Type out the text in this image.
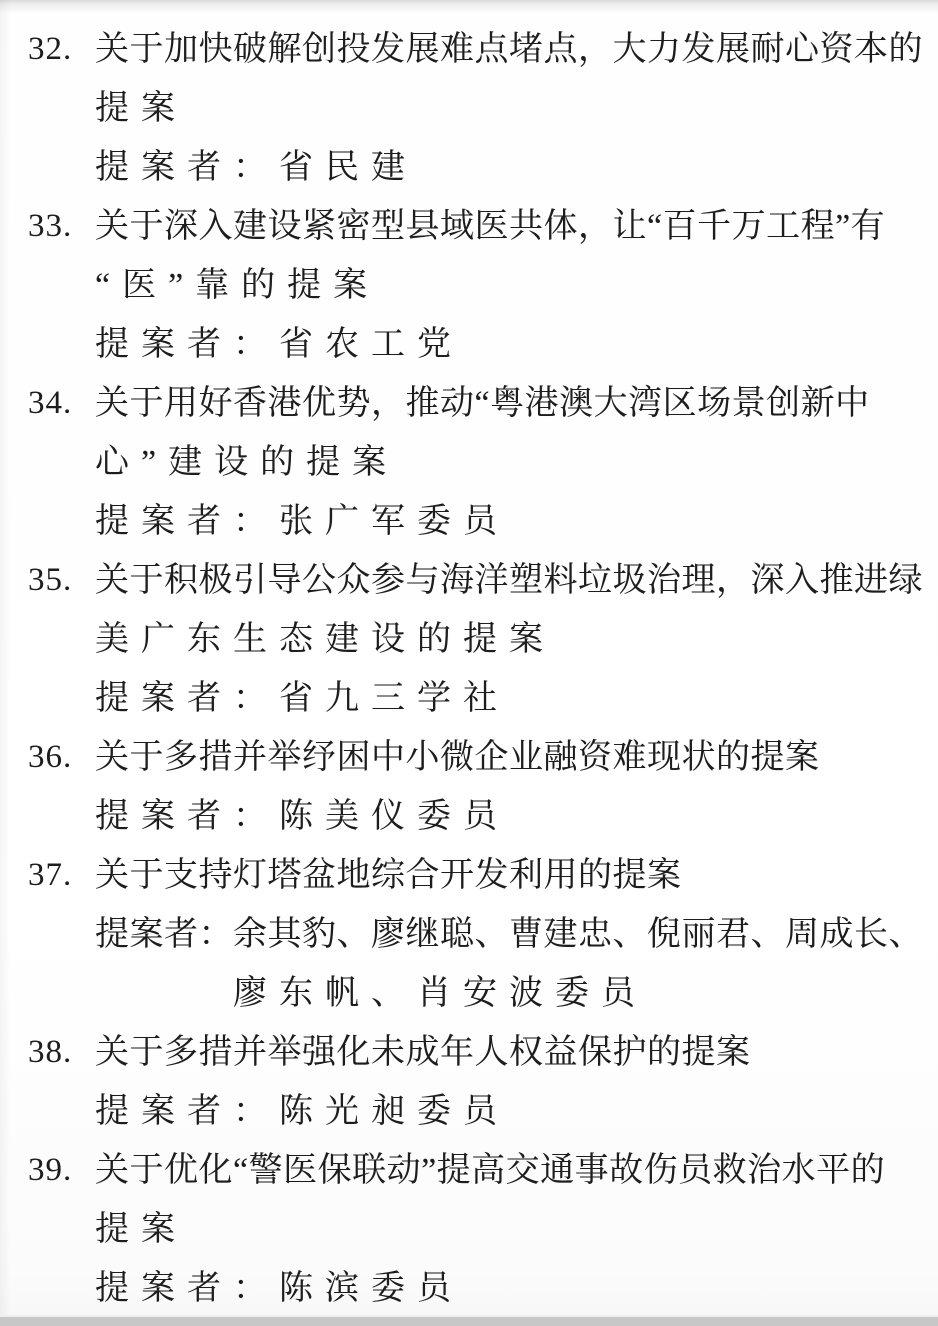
32. 关于加快破解创投发展难点堵点，大力发展耐心资本的
提案
提案者：省民建
33. 关于深入建设紧密型县域医共体，让“百千万工程”有
“医”靠的提案
提案者：省农工党
34. 关于用好香港优势，推动“粤港澳大湾区场景创新中
心”建设的提案
提案者：张广军委员
35. 关于积极引导公众参与海洋塑料垃圾治理，深入推进绿
美广东生态建设的提案
提案者：省九三学社
36. 关于多措并举纾困中小微企业融资难现状的提案
提案者：陈美仪委员
37. 关于支持灯塔盆地综合开发利用的提案
提案者：余其豹、廖继聪、曹建忠、倪丽君、周成长、
廖东帆、肖安波委员
38. 关于多措并举强化未成年人权益保护的提案
提案者：陈光昶委员
39. 关于优化“警医保联动”提高交通事故伤员救治水平的
提案
提案者：陈滨委员
